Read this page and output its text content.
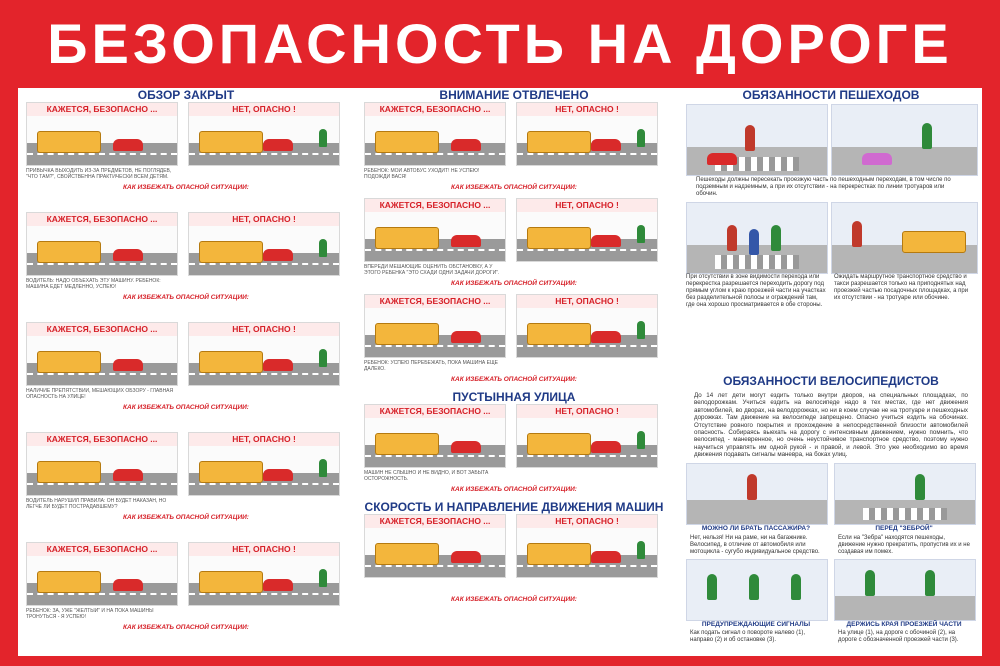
БЕЗОПАСНОСТЬ НА ДОРОГЕ
ОБЗОР ЗАКРЫТ
КАЖЕТСЯ, БЕЗОПАСНО ...	НЕТ, ОПАСНО !
ПРИВЫЧКА ВЫХОДИТЬ ИЗ-ЗА ПРЕДМЕТОВ, НЕ ПОГЛЯДЕВ, "ЧТО ТАМ?", СВОЙСТВЕННА ПРАКТИЧЕСКИ ВСЕМ ДЕТЯМ.
КАК ИЗБЕЖАТЬ ОПАСНОЙ СИТУАЦИИ:
КАЖЕТСЯ, БЕЗОПАСНО ...	НЕТ, ОПАСНО !
ВОДИТЕЛЬ: НАДО ОБЪЕХАТЬ ЭТУ МАШИНУ. РЕБЕНОК: МАШИНА ЕДЕТ МЕДЛЕННО, УСПЕЮ!
КАК ИЗБЕЖАТЬ ОПАСНОЙ СИТУАЦИИ:
КАЖЕТСЯ, БЕЗОПАСНО ...	НЕТ, ОПАСНО !
НАЛИЧИЕ ПРЕПЯТСТВИЙ, МЕШАЮЩИХ ОБЗОРУ - ГЛАВНАЯ ОПАСНОСТЬ НА УЛИЦЕ!
КАК ИЗБЕЖАТЬ ОПАСНОЙ СИТУАЦИИ:
КАЖЕТСЯ, БЕЗОПАСНО ...	НЕТ, ОПАСНО !
ВОДИТЕЛЬ НАРУШИЛ ПРАВИЛА: ОН БУДЕТ НАКАЗАН, НО ЛЕГЧЕ ЛИ БУДЕТ ПОСТРАДАВШЕМУ?
КАК ИЗБЕЖАТЬ ОПАСНОЙ СИТУАЦИИ:
КАЖЕТСЯ, БЕЗОПАСНО ...	НЕТ, ОПАСНО !
РЕБЕНОК: ЗА, УЖЕ "ЖЕЛТЫЙ" И НА ПОКА МАШИНЫ ТРОНУТЬСЯ - Я УСПЕЮ!
КАК ИЗБЕЖАТЬ ОПАСНОЙ СИТУАЦИИ:
ВНИМАНИЕ ОТВЛЕЧЕНО
КАЖЕТСЯ, БЕЗОПАСНО ...	НЕТ, ОПАСНО !
РЕБЕНОК: МОЙ АВТОБУС УХОДИТ! НЕ УСПЕЮ! ПОДОЖДИ ВАСЯ!
КАК ИЗБЕЖАТЬ ОПАСНОЙ СИТУАЦИИ:
КАЖЕТСЯ, БЕЗОПАСНО ...	НЕТ, ОПАСНО !
ВПЕРЕДИ МЕШАЮЩИЕ ОЦЕНИТЬ ОБСТАНОВКУ, А У ЭТОГО РЕБЕНКА "ЭТО СХАДИ ОДНИ ЗАДАЧИ ДОРОГИ".
КАК ИЗБЕЖАТЬ ОПАСНОЙ СИТУАЦИИ:
КАЖЕТСЯ, БЕЗОПАСНО ...	НЕТ, ОПАСНО !
РЕБЕНОК: УСПЕЮ ПЕРЕБЕЖАТЬ, ПОКА МАШИНА ЕЩЕ ДАЛЕКО.
КАК ИЗБЕЖАТЬ ОПАСНОЙ СИТУАЦИИ:
ПУСТЫННАЯ УЛИЦА
КАЖЕТСЯ, БЕЗОПАСНО ...	НЕТ, ОПАСНО !
МАШИН НЕ СЛЫШНО И НЕ ВИДНО, И ВОТ ЗАБЫТА ОСТОРОЖНОСТЬ.
КАК ИЗБЕЖАТЬ ОПАСНОЙ СИТУАЦИИ:
СКОРОСТЬ И НАПРАВЛЕНИЕ ДВИЖЕНИЯ МАШИН
КАЖЕТСЯ, БЕЗОПАСНО ...	НЕТ, ОПАСНО !
КАК ИЗБЕЖАТЬ ОПАСНОЙ СИТУАЦИИ:
ОБЯЗАННОСТИ ПЕШЕХОДОВ
Пешеходы должны пересекать проезжую часть по пешеходным переходам, в том числе по подземным и надземным, а при их отсутствии - на перекрестках по линии тротуаров или обочин.
При отсутствии в зоне видимости перехода или перекрестка разрешается переходить дорогу под прямым углом к краю проезжей части на участках без разделительной полосы и ограждений там, где она хорошо просматривается в обе стороны.
Ожидать маршрутное транспортное средство и такси разрешается только на приподнятых над проезжей частью посадочных площадках, а при их отсутствии - на тротуаре или обочине.
ОБЯЗАННОСТИ ВЕЛОСИПЕДИСТОВ
До 14 лет дети могут ездить только внутри дворов, на специальных площадках, по велодорожкам. Учиться ездить на велосипеде надо в тех местах, где нет движения автомобилей, во дворах, на велодорожках, но ни в коем случае не на тротуаре и пешеходных дорожках. Там движение на велосипеде запрещено. Опасно учиться ездить на обочинах. Отсутствие ровного покрытия и прохождение в непосредственной близости автомобилей опасность. Собираясь выехать на дорогу с интенсивным движением, нужно помнить, что велосипед - маневренное, но очень неустойчивое транспортное средство, поэтому нужно научиться управлять им одной рукой - и правой, и левой. Это уже необходимо во время движения подавать сигналы маневра, на боках улиц.
МОЖНО ЛИ БРАТЬ ПАССАЖИРА?	ПЕРЕД "ЗЕБРОЙ"
Нет, нельзя! Ни на раме, ни на багажнике. Велосипед, в отличие от автомобиля или мотоцикла - сугубо индивидуальное средство.
Если на "Зебра" находятся пешеходы, движение нужно прекратить, пропустив их и не создавая им помех.
ПРЕДУПРЕЖДАЮЩИЕ СИГНАЛЫ	ДЕРЖИСЬ КРАЯ ПРОЕЗЖЕЙ ЧАСТИ
Как подать сигнал о повороте налево (1), направо (2) и об остановке (3).
На улице (1), на дороге с обочиной (2), на дороге с обозначенной проезжей части (3).
